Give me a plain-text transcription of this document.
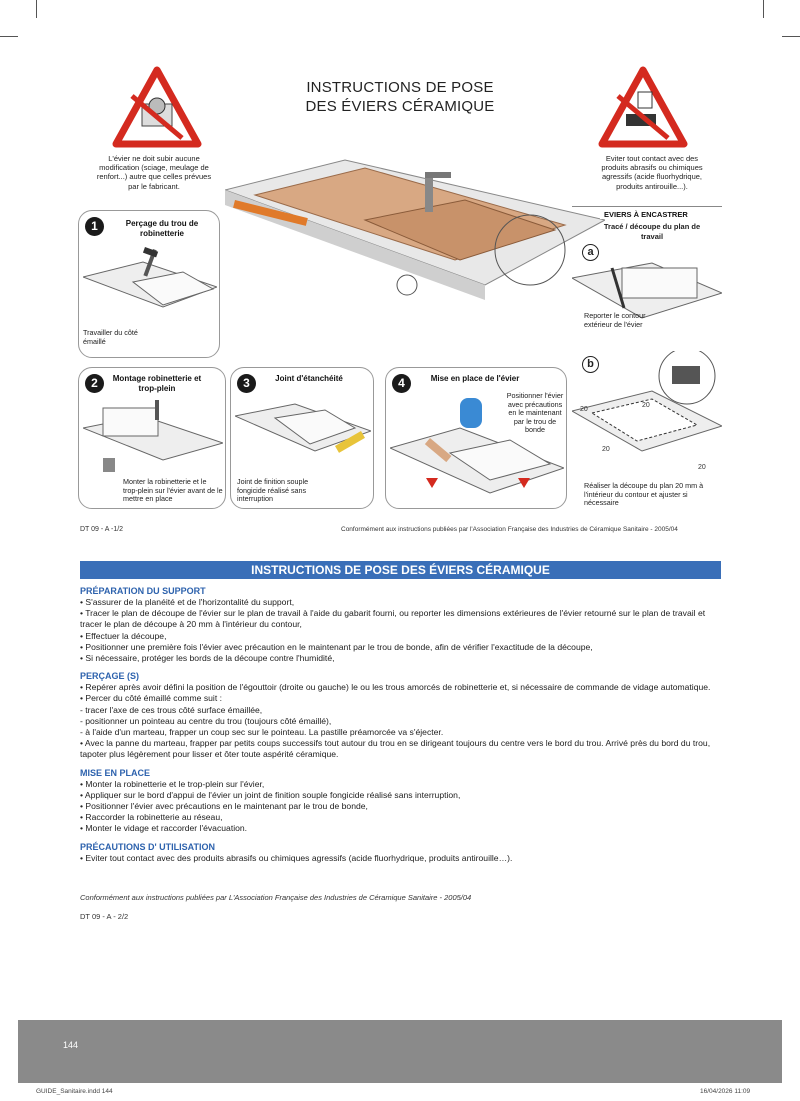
INSTRUCTIONS DE POSE
DES ÉVIERS CÉRAMIQUE
L'évier ne doit subir aucune modification (sciage, meulage de renfort...) autre que celles prévues par le fabricant.
Eviter tout contact avec des produits abrasifs ou chimiques agressifs (acide fluorhydrique, produits antirouille...).
1	Perçage du trou de robinetterie
Travailler du côté émaillé
2	Montage robinetterie et trop-plein
Monter la robinetterie et le trop-plein sur l'évier avant de le mettre en place
3	Joint d'étanchéité
Joint de finition souple fongicide réalisé sans interruption
4	Mise en place de l'évier
Positionner l'évier avec précautions en le maintenant par le trou de bonde
EVIERS À ENCASTRER
Tracé / découpe du plan de travail
a
Reporter le contour extérieur de l'évier
b
20
20
20
20
Réaliser la découpe du plan 20 mm à l'intérieur du contour et ajuster si nécessaire
DT 09 - A -1/2	Conformément aux instructions publiées par l'Association Française des Industries de Céramique Sanitaire - 2005/04
INSTRUCTIONS DE POSE DES ÉVIERS CÉRAMIQUE
PRÉPARATION DU SUPPORT

• S'assurer de la planéité et de l'horizontalité du support,

• Tracer le plan de découpe de l'évier sur le plan de travail à l'aide du gabarit fourni, ou reporter les dimensions extérieures de l'évier retourné sur le plan de travail et tracer le plan de découpe à 20 mm à l'intérieur du contour,

• Effectuer la découpe,

• Positionner une première fois l'évier avec précaution en le maintenant par le trou de bonde, afin de vérifier l'exactitude de la découpe,

• Si nécessaire, protéger les bords de la découpe contre l'humidité,

PERÇAGE (S)

• Repérer après avoir défini la position de l'égouttoir (droite ou gauche) le ou les trous amorcés de robinetterie et, si nécessaire de commande de vidage automatique.

• Percer du côté émaillé comme suit :

- tracer l'axe de ces trous côté surface émaillée,

- positionner un pointeau au centre du trou (toujours côté émaillé),

- à l'aide d'un marteau, frapper un coup sec sur le pointeau. La pastille préamorcée va s'éjecter.

• Avec la panne du marteau, frapper par petits coups successifs tout autour du trou en se dirigeant toujours du centre vers le bord du trou. Arrivé près du bord du trou, tapoter plus légèrement pour lisser et ôter toute aspérité céramique.

MISE EN PLACE

• Monter la robinetterie et le trop-plein sur l'évier,

• Appliquer sur le bord d'appui de l'évier un joint de finition souple fongicide réalisé sans interruption,

• Positionner l'évier avec précautions en le maintenant par le trou de bonde,

• Raccorder la robinetterie au réseau,

• Monter le vidage et raccorder l'évacuation.

PRÉCAUTIONS D' UTILISATION

• Eviter tout contact avec des produits abrasifs ou chimiques agressifs (acide fluorhydrique, produits antirouille…).

Conformément aux instructions publiées par L'Association Française des Industries de Céramique Sanitaire - 2005/04
DT 09 - A - 2/2
144
GUIDE_Sanitaire.indd 144	16/04/2026 11:09
